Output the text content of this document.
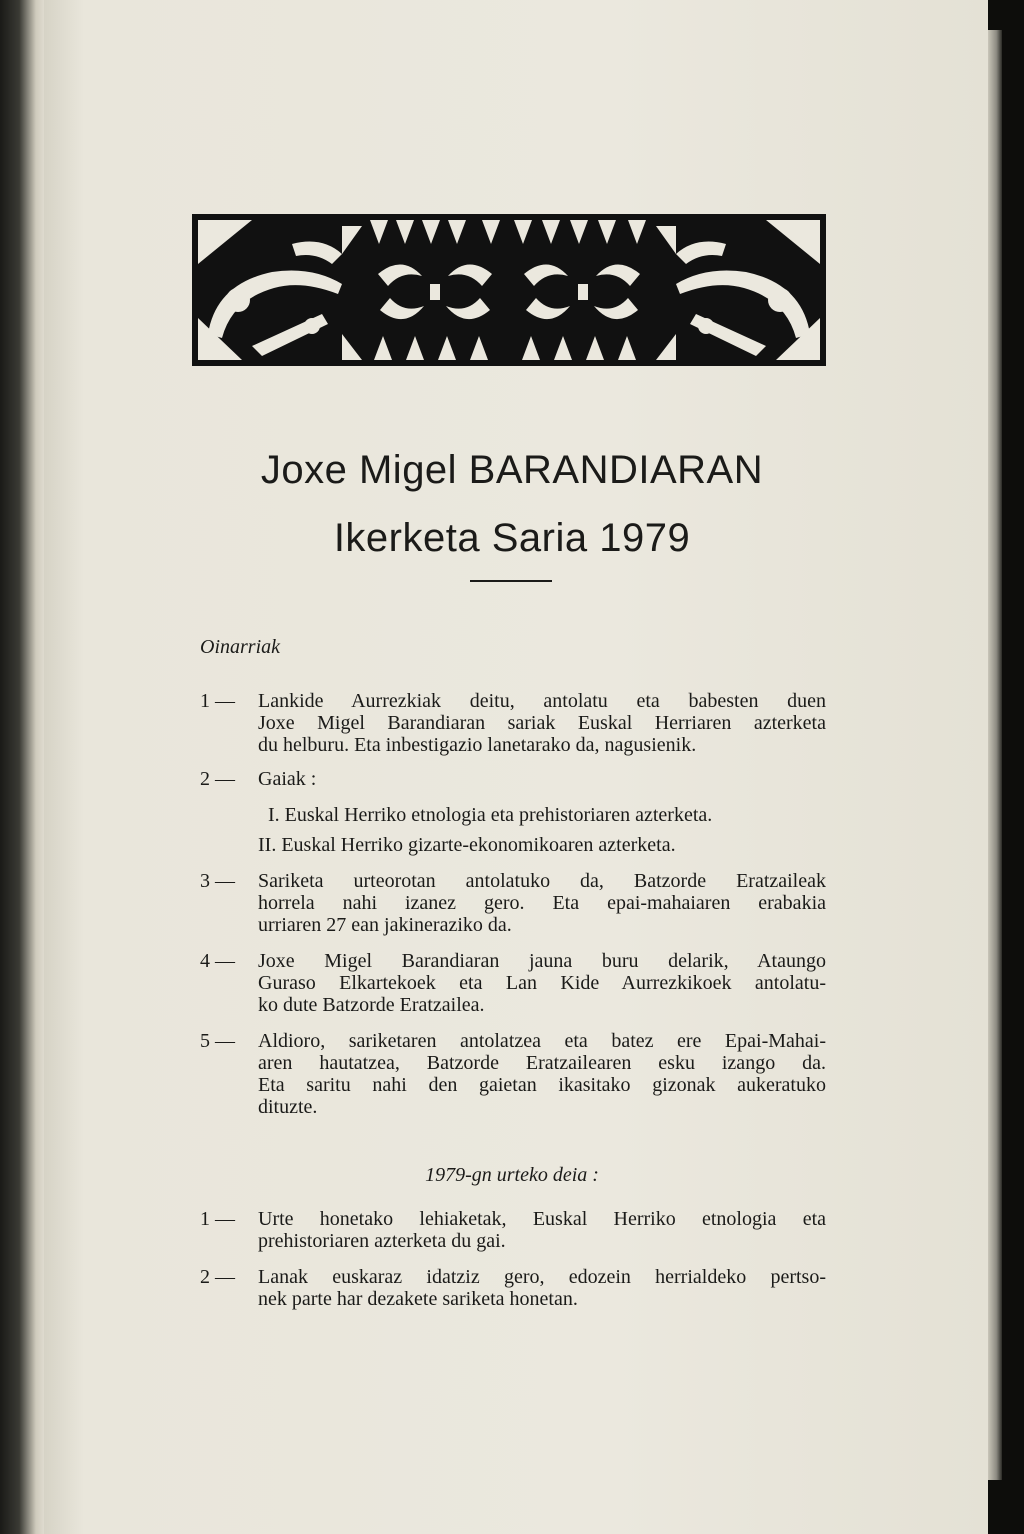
Joxe Migel BARANDIARAN
Ikerketa Saria 1979
Oinarriak
1 — Lankide Aurrezkiak deitu, antolatu eta babesten duen
Joxe Migel Barandiaran sariak Euskal Herriaren azterketa
du helburu. Eta inbestigazio lanetarako da, nagusienik.
2 — Gaiak :
I. Euskal Herriko etnologia eta prehistoriaren azterketa.
II. Euskal Herriko gizarte-ekonomikoaren azterketa.
3 — Sariketa urteorotan antolatuko da, Batzorde Eratzaileak
horrela nahi izanez gero. Eta epai-mahaiaren erabakia
urriaren 27 ean jakineraziko da.
4 — Joxe Migel Barandiaran jauna buru delarik, Ataungo
Guraso Elkartekoek eta Lan Kide Aurrezkikoek antolatu-
ko dute Batzorde Eratzailea.
5 — Aldioro, sariketaren antolatzea eta batez ere Epai-Mahai-
aren hautatzea, Batzorde Eratzailearen esku izango da.
Eta saritu nahi den gaietan ikasitako gizonak aukeratuko
dituzte.
1979-gn urteko deia :
1 — Urte honetako lehiaketak, Euskal Herriko etnologia eta
prehistoriaren azterketa du gai.
2 — Lanak euskaraz idatziz gero, edozein herrialdeko pertso-
nek parte har dezakete sariketa honetan.
